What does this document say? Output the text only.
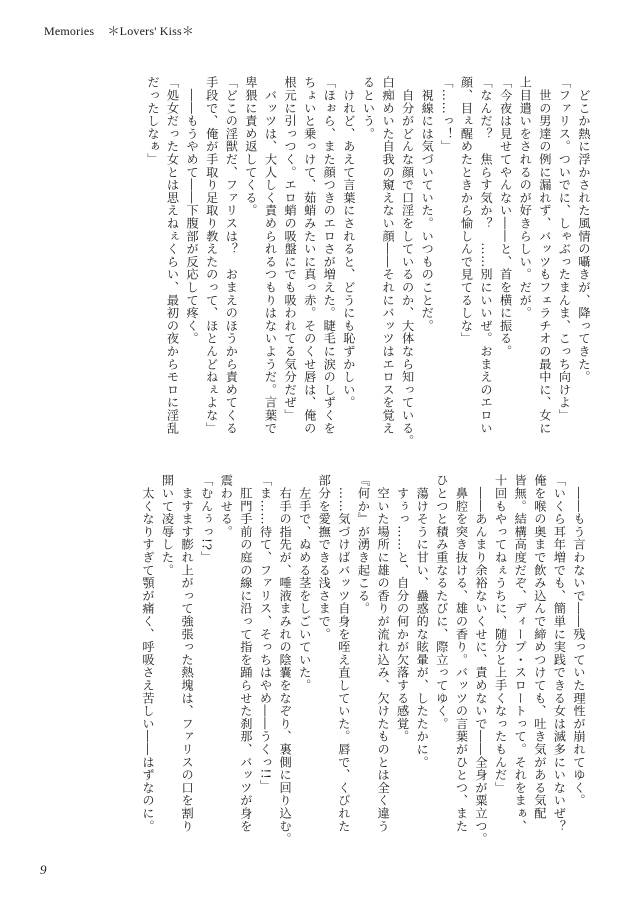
Memories ＊Lovers' Kiss＊

　どこか熱に浮かされた風情の囁きが、降ってきた。

「ファリス。ついでに、しゃぶったまんま、こっち向けよ」

　世の男達の例に漏れず、バッツもフェラチオの最中に、女に

上目遣いをされるのが好きらしい。だが。

「今夜は見せてやんない――と、首を横に振る。

「なんだ？　焦らす気か？　……別にいいぜ。おまえのエロい

顔、目ぇ醒めたときから愉しんで見てるしな」

「……っ！」

　視線には気づいていた。いつものことだ。

　自分がどんな顔で口淫をしているのか、大体なら知っている。

白痴めいた自我の窺えない顔――それにバッツはエロスを覚え

るという。

　けれど、あえて言葉にされると、どうにも恥ずかしい。

「ほぉら、また顔つきのエロさが増えた。睫毛に涙のしずくを

ちょいと乗っけて、茹蛸みたいに真っ赤。そのくせ唇は、俺の

根元に引っつく。エロ蛸の吸盤にでも吸われてる気分だぜ」

　バッツは、大人しく責められるつもりはないようだ。言葉で

卑猥に責め返してくる。

「どこの淫獣だ、ファリスは？　おまえのほうから責めてくる

手段で、俺が手取り足取り教えたのって、ほとんどねぇよな」

　――もうやめて――下腹部が反応して疼く。

「処女だった女とは思えねぇくらい、最初の夜からモロに淫乱

だったしなぁ」

　――もう言わないで――残っていた理性が崩れてゆく。

「いくら耳年増でも、簡単に実践できる女は滅多にいないぜ？

俺を喉の奥まで飲み込んで締めつけても、吐き気がある気配

皆無。結構高度だぞ、ディープ・スロートって。それをまぁ、

十回もやってねぇうちに、随分と上手くなったもんだ」

　――あんまり余裕ないくせに、責めないで――全身が粟立つ。

　鼻腔を突き抜ける、雄の香り。バッツの言葉がひとつ、また

ひとつと積み重なるたびに、際立ってゆく。

　蕩けそうに甘い、蠱惑的な眩暈が、したたかに。

　すぅっ……と、自分の何かが欠落する感覚。

　空いた場所に雄の香りが流れ込み、欠けたものとは全く違う

『何か』が湧き起こる。

　……気づけばバッツ自身を咥え直していた。唇で、くびれた

部分を愛撫できる浅さまで。

　左手で、ぬめる茎をしごいていた。

　右手の指先が、唾液まみれの陰嚢をなぞり、裏側に回り込む。

「ま……待て、ファリス、そっちはやめ――うくっ!!」

　肛門手前の庭の線に沿って指を踊らせた刹那、バッツが身を

震わせる。

「むんぅっ!?」

　ますます膨れ上がって強張った熱塊は、ファリスの口を割り

開いて凌辱した。

　太くなりすぎて顎が痛く、呼吸さえ苦しい――はずなのに。

9
